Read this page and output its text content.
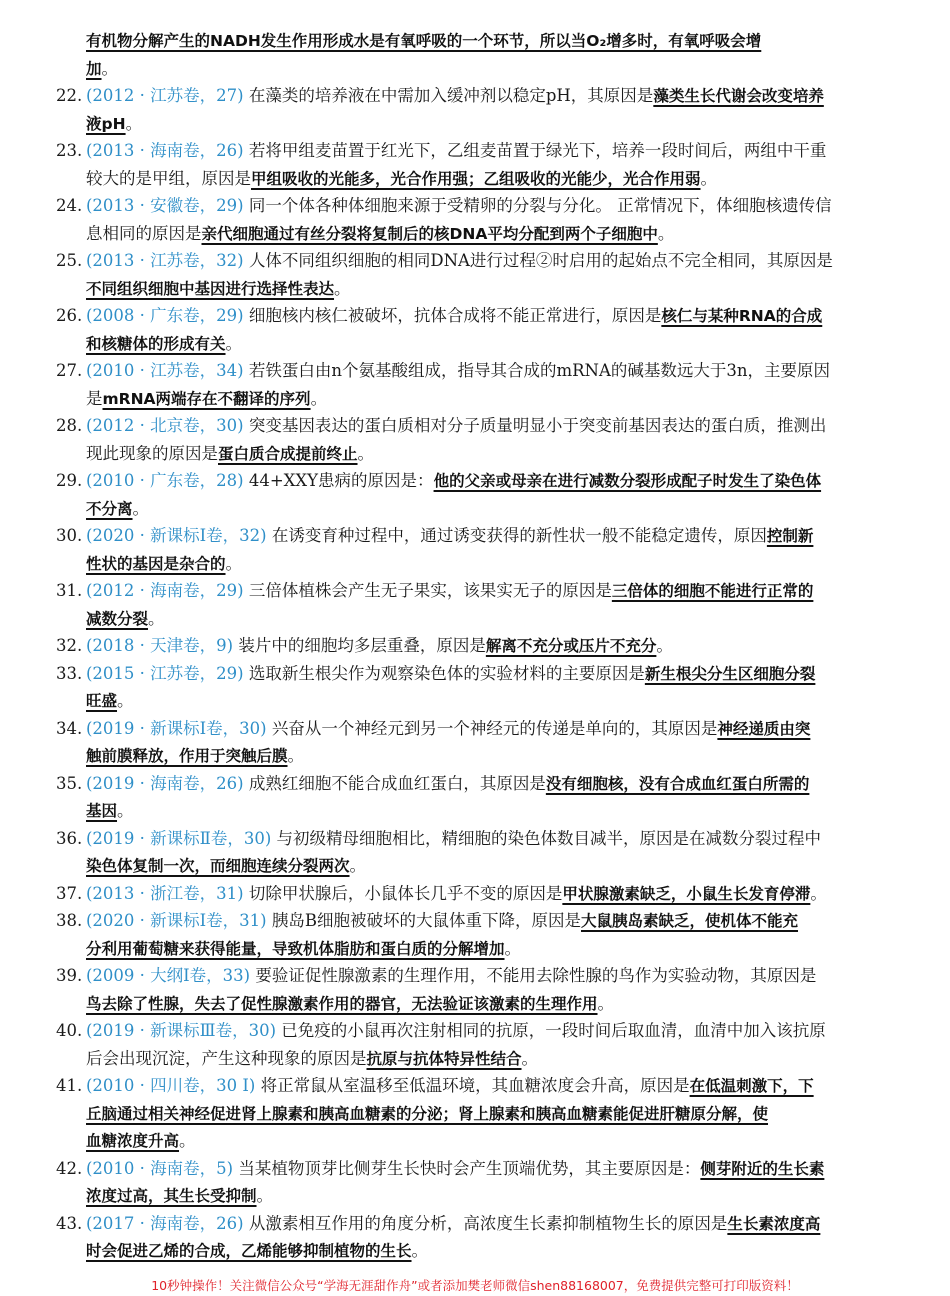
有机物分解产生的NADH发生作用形成水是有氧呼吸的一个环节，所以当O₂增多时，有氧呼吸会增
加。
22. (2012 · 江苏卷，27) 在藻类的培养液在中需加入缓冲剂以稳定pH，其原因是藻类生长代谢会改变培养
液pH。
23. (2013 · 海南卷，26) 若将甲组麦苗置于红光下，乙组麦苗置于绿光下，培养一段时间后，两组中干重
较大的是甲组，原因是甲组吸收的光能多，光合作用强；乙组吸收的光能少，光合作用弱。
24. (2013 · 安徽卷，29) 同一个体各种体细胞来源于受精卵的分裂与分化。 正常情况下，体细胞核遗传信
息相同的原因是亲代细胞通过有丝分裂将复制后的核DNA平均分配到两个子细胞中。
25. (2013 · 江苏卷，32) 人体不同组织细胞的相同DNA进行过程②时启用的起始点不完全相同，其原因是
不同组织细胞中基因进行选择性表达。
26. (2008 · 广东卷，29) 细胞核内核仁被破坏，抗体合成将不能正常进行，原因是核仁与某种RNA的合成
和核糖体的形成有关。
27. (2010 · 江苏卷，34) 若铁蛋白由n个氨基酸组成，指导其合成的mRNA的碱基数远大于3n，主要原因
是mRNA两端存在不翻译的序列。
28. (2012 · 北京卷，30) 突变基因表达的蛋白质相对分子质量明显小于突变前基因表达的蛋白质，推测出
现此现象的原因是蛋白质合成提前终止。
29. (2010 · 广东卷，28) 44+XXY患病的原因是：他的父亲或母亲在进行减数分裂形成配子时发生了染色体
不分离。
30. (2020 · 新课标Ⅰ卷，32) 在诱变育种过程中，通过诱变获得的新性状一般不能稳定遗传，原因控制新
性状的基因是杂合的。
31. (2012 · 海南卷，29) 三倍体植株会产生无子果实，该果实无子的原因是三倍体的细胞不能进行正常的
减数分裂。
32. (2018 · 天津卷，9) 装片中的细胞均多层重叠，原因是解离不充分或压片不充分。
33. (2015 · 江苏卷，29) 选取新生根尖作为观察染色体的实验材料的主要原因是新生根尖分生区细胞分裂
旺盛。
34. (2019 · 新课标Ⅰ卷，30) 兴奋从一个神经元到另一个神经元的传递是单向的，其原因是神经递质由突
触前膜释放，作用于突触后膜。
35. (2019 · 海南卷，26) 成熟红细胞不能合成血红蛋白，其原因是没有细胞核，没有合成血红蛋白所需的
基因。
36. (2019 · 新课标Ⅱ卷，30) 与初级精母细胞相比，精细胞的染色体数目减半，原因是在减数分裂过程中
染色体复制一次，而细胞连续分裂两次。
37. (2013 · 浙江卷，31) 切除甲状腺后，小鼠体长几乎不变的原因是甲状腺激素缺乏，小鼠生长发育停滞。
38. (2020 · 新课标Ⅰ卷，31) 胰岛B细胞被破坏的大鼠体重下降，原因是大鼠胰岛素缺乏，使机体不能充
分利用葡萄糖来获得能量，导致机体脂肪和蛋白质的分解增加。
39. (2009 · 大纲Ⅰ卷，33) 要验证促性腺激素的生理作用，不能用去除性腺的鸟作为实验动物，其原因是
鸟去除了性腺，失去了促性腺激素作用的器官，无法验证该激素的生理作用。
40. (2019 · 新课标Ⅲ卷，30) 已免疫的小鼠再次注射相同的抗原，一段时间后取血清，血清中加入该抗原
后会出现沉淀，产生这种现象的原因是抗原与抗体特异性结合。
41. (2010 · 四川卷，30 Ⅰ) 将正常鼠从室温移至低温环境，其血糖浓度会升高，原因是在低温刺激下，下
丘脑通过相关神经促进肾上腺素和胰高血糖素的分泌；肾上腺素和胰高血糖素能促进肝糖原分解，使
血糖浓度升高。
42. (2010 · 海南卷，5) 当某植物顶芽比侧芽生长快时会产生顶端优势，其主要原因是：侧芽附近的生长素
浓度过高，其生长受抑制。
43. (2017 · 海南卷，26) 从激素相互作用的角度分析，高浓度生长素抑制植物生长的原因是生长素浓度高
时会促进乙烯的合成，乙烯能够抑制植物的生长。
10秒钟操作！关注微信公众号“学海无涯甜作舟”或者添加樊老师微信shen88168007，免费提供完整可打印版资料！
